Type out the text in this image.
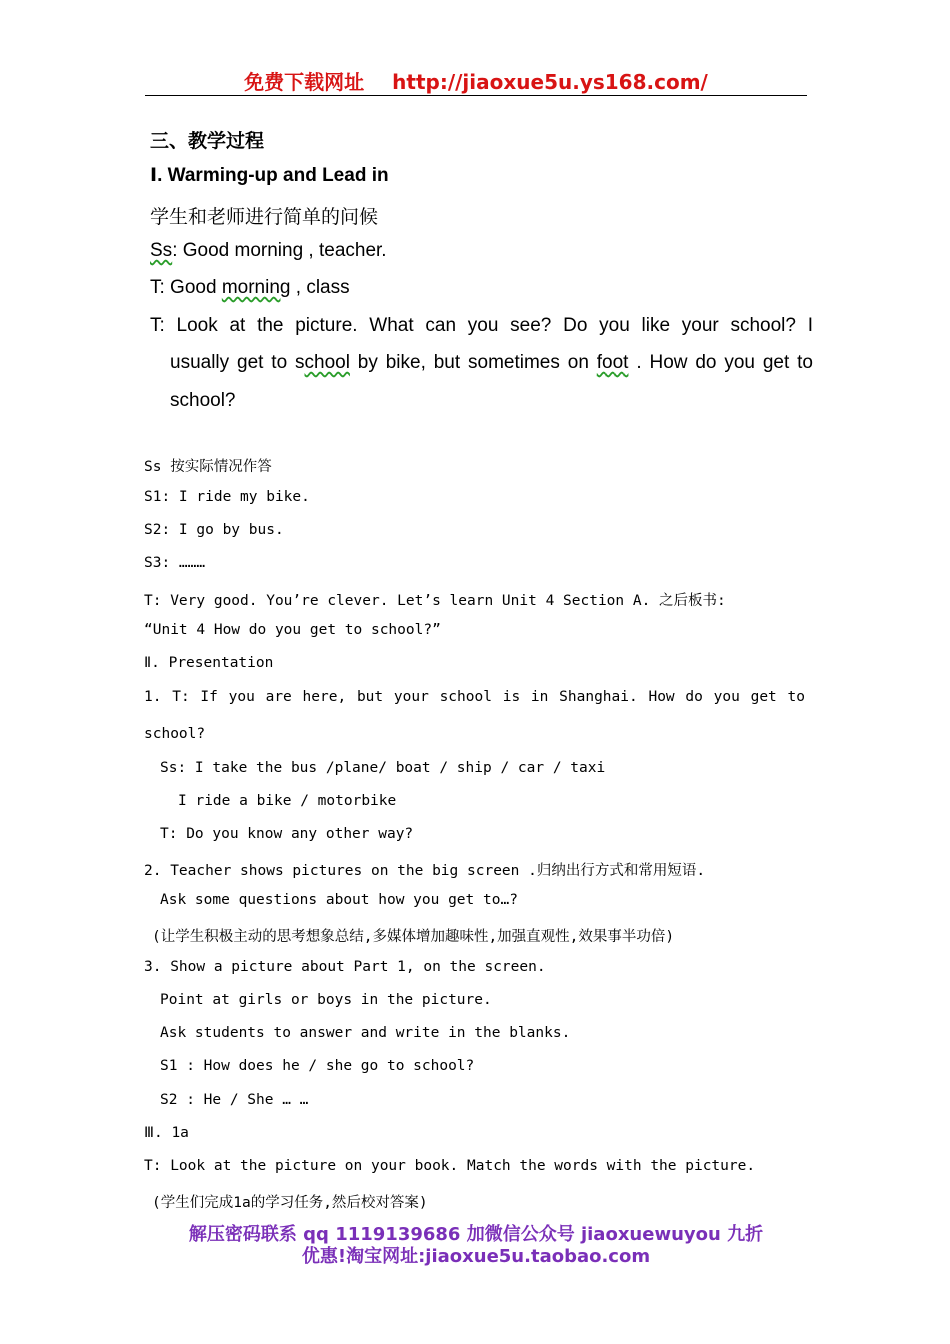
免费下载网址 http://jiaoxue5u.ys168.com/
三、教学过程
Ⅰ. Warming-up and Lead in
学生和老师进行简单的问候
Ss: Good morning , teacher.
T: Good morning , class
T: Look at the picture. What can you see? Do you like your school? I
usually get to school by bike, but sometimes on foot . How do you get to
school?
Ss 按实际情况作答
S1: I ride my bike.
S2: I go by bus.
S3: ………
T: Very good. You’re clever. Let’s learn Unit 4 Section A. 之后板书:
“Unit 4 How do you get to school?”
Ⅱ. Presentation
1. T: If you are here, but your school is in Shanghai. How do you get to
school?
Ss: I take the bus /plane/ boat / ship / car / taxi
I ride a bike / motorbike
T: Do you know any other way?
2. Teacher shows pictures on the big screen .归纳出行方式和常用短语.
Ask some questions about how you get to…?
(让学生积极主动的思考想象总结,多媒体增加趣味性,加强直观性,效果事半功倍)
3. Show a picture about Part 1, on the screen.
Point at girls or boys in the picture.
Ask students to answer and write in the blanks.
S1 : How does he / she go to school?
S2 : He / She … …
Ⅲ. 1a
T: Look at the picture on your book. Match the words with the picture.
(学生们完成1a的学习任务,然后校对答案)
解压密码联系 qq 1119139686 加微信公众号 jiaoxuewuyou 九折
优惠!淘宝网址:jiaoxue5u.taobao.com
